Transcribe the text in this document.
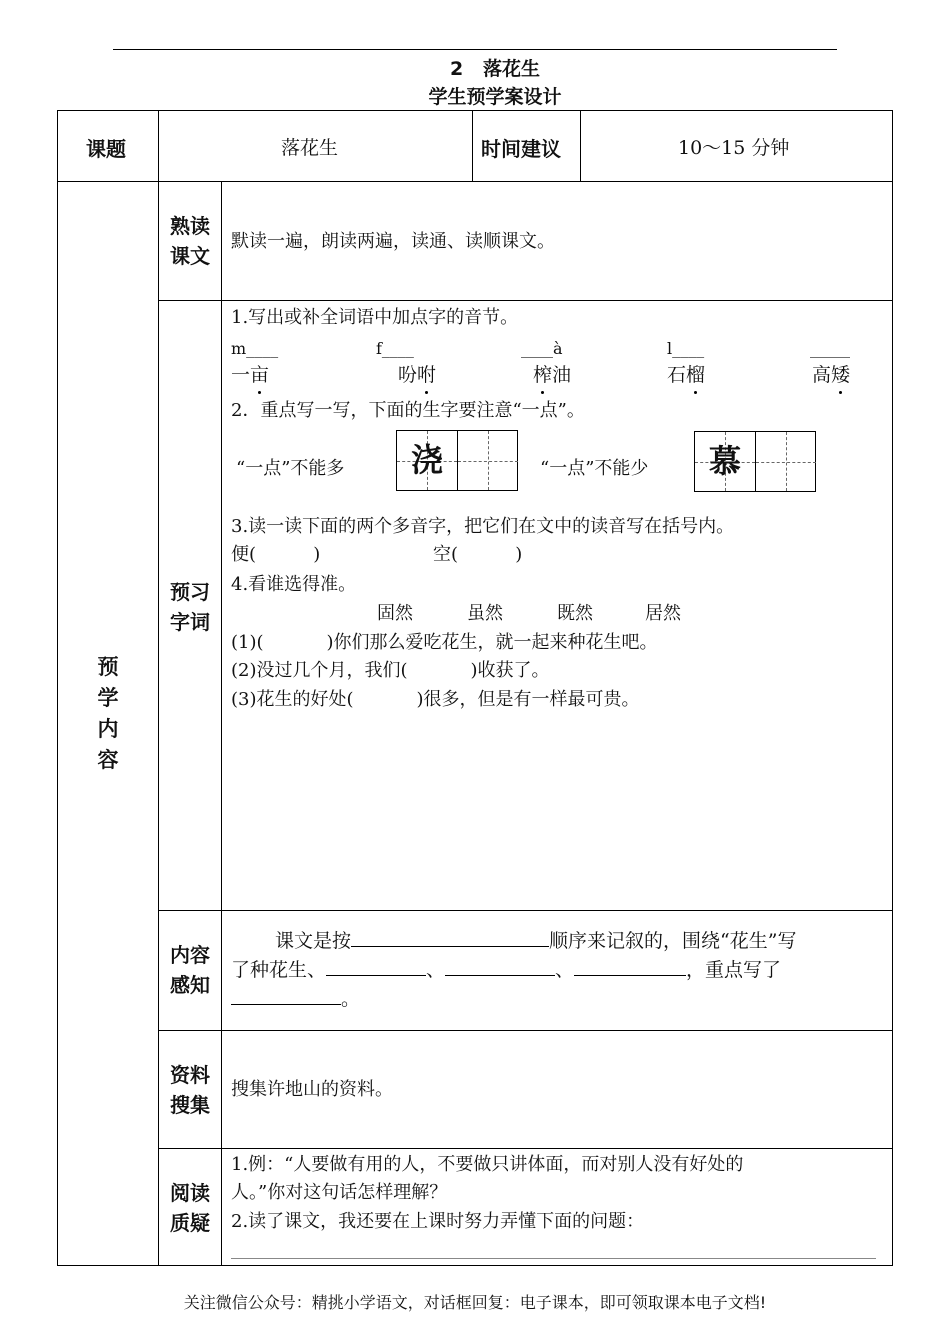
2 落花生
学生预学案设计
课题	落花生	时间建议	10～15 分钟
预
学
内
容
熟读
课文
默读一遍，朗读两遍，读通、读顺课文。
预习
字词
1.写出或补全词语中加点字的音节。
m____	f____	____à	l____	_____
一亩	吩咐	榨油	石榴	高矮
2．重点写一写，下面的生字要注意“一点”。
“一点”不能多	浇	“一点”不能少	慕
3.读一读下面的两个多音字，把它们在文中的读音写在括号内。
便(          )	空(          )
4.看谁选得准。
固然	虽然	既然	居然
(1)(           )你们那么爱吃花生，就一起来种花生吧。
(2)没过几个月，我们(           )收获了。
(3)花生的好处(           )很多，但是有一样最可贵。
内容
感知
课文是按	顺序来记叙的，围绕“花生”写
了种花生、	、	、	，重点写了
。
资料
搜集
搜集许地山的资料。
阅读
质疑
1.例：“人要做有用的人，不要做只讲体面，而对别人没有好处的
人。”你对这句话怎样理解？
2.读了课文，我还要在上课时努力弄懂下面的问题：
关注微信公众号：精挑小学语文，对话框回复：电子课本，即可领取课本电子文档!
